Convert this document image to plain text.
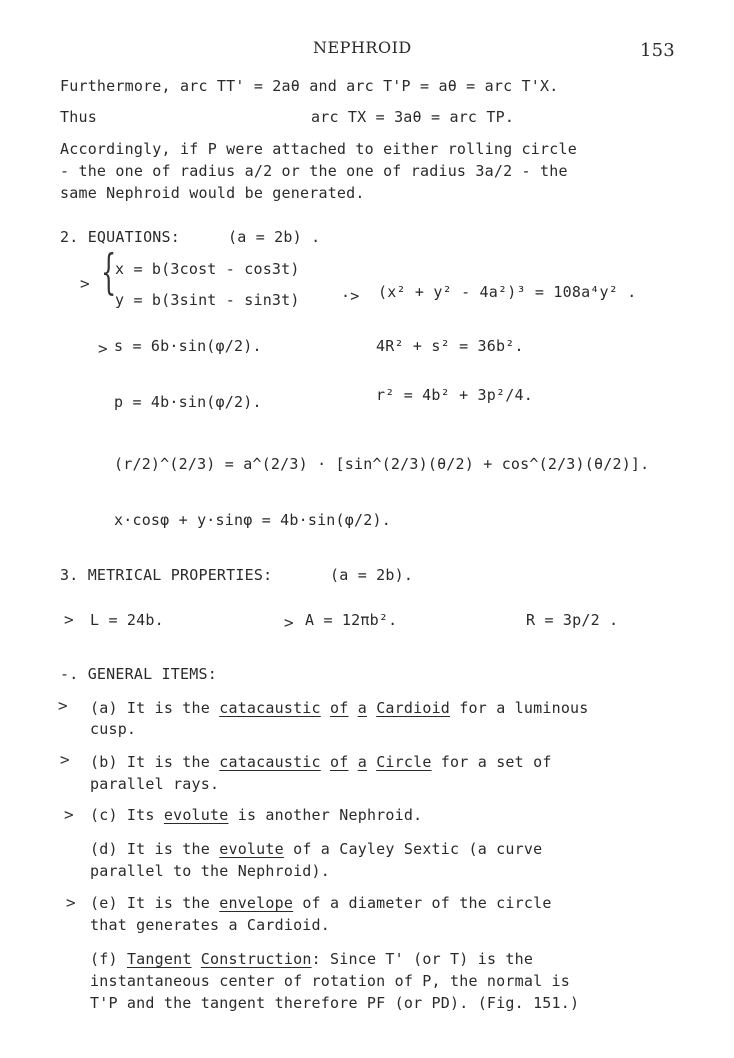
NEPHROID	153
Furthermore, arc TT' = 2aθ and arc T'P = aθ = arc T'X.
Thus	arc TX = 3aθ = arc TP.
Accordingly, if P were attached to either rolling circle
- the one of radius a/2 or the one of radius 3a/2 - the
same Nephroid would be generated.
2. EQUATIONS:	(a = 2b) .
> {
x = b(3cost - cos3t)
y = b(3sint - sin3t)	·> (x² + y² - 4a²)³ = 108a⁴y² .
> s = 6b·sin(φ/2).	4R² + s² = 36b².
p = 4b·sin(φ/2).	r² = 4b² + 3p²/4.
(r/2)^(2/3) = a^(2/3) · [sin^(2/3)(θ/2) + cos^(2/3)(θ/2)].
x·cosφ + y·sinφ = 4b·sin(φ/2).
3. METRICAL PROPERTIES:	(a = 2b).
> L = 24b.	> A = 12πb².	R = 3p/2 .
-. GENERAL ITEMS:
> (a) It is the catacaustic of a Cardioid for a luminous
cusp.
> (b) It is the catacaustic of a Circle for a set of
parallel rays.
> (c) Its evolute is another Nephroid.
(d) It is the evolute of a Cayley Sextic (a curve
parallel to the Nephroid).
> (e) It is the envelope of a diameter of the circle
that generates a Cardioid.
(f) Tangent Construction: Since T' (or T) is the
instantaneous center of rotation of P, the normal is
T'P and the tangent therefore PF (or PD). (Fig. 151.)
